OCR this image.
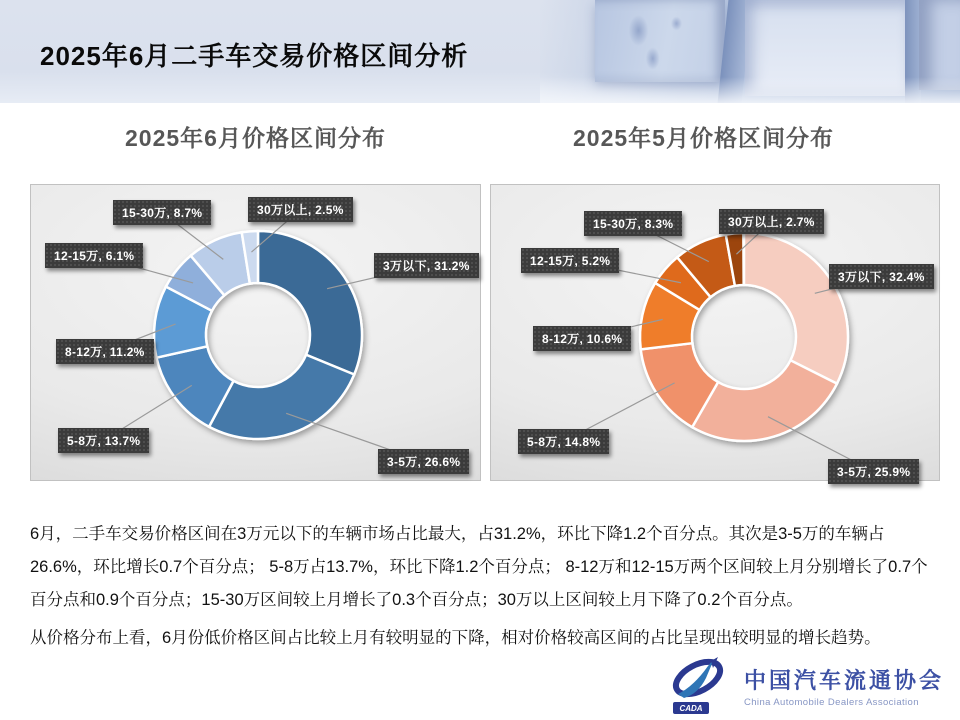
2025年6月二手车交易价格区间分析
2025年6月价格区间分布	2025年5月价格区间分布
3万以下, 31.2%
3-5万, 26.6%
5-8万, 13.7%
8-12万, 11.2%
12-15万, 6.1%
15-30万, 8.7%	30万以上, 2.5%
3万以下, 32.4%
3-5万, 25.9%
5-8万, 14.8%
8-12万, 10.6%
12-15万, 5.2%
15-30万, 8.3%	30万以上, 2.7%

6月，二手车交易价格区间在3万元以下的车辆市场占比最大，占31.2%，环比下降1.2个百分点。其次是3-5万的车辆占26.6%，环比增长0.7个百分点； 5-8万占13.7%，环比下降1.2个百分点； 8-12万和12-15万两个区间较上月分别增长了0.7个百分点和0.9个百分点；15-30万区间较上月增长了0.3个百分点；30万以上区间较上月下降了0.2个百分点。

从价格分布上看，6月份低价格区间占比较上月有较明显的下降，相对价格较高区间的占比呈现出较明显的增长趋势。

CADA
中国汽车流通协会
China Automobile Dealers Association
